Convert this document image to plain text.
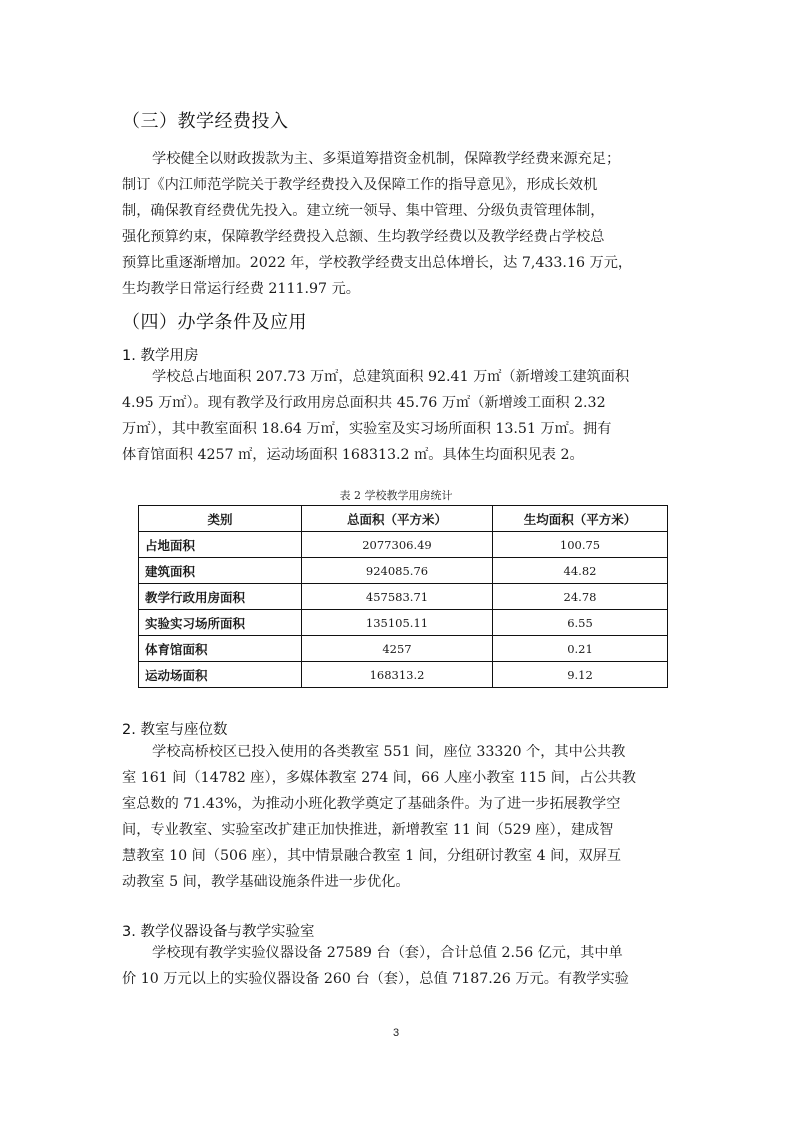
（三）教学经费投入
学校健全以财政拨款为主、多渠道筹措资金机制，保障教学经费来源充足；
制订《内江师范学院关于教学经费投入及保障工作的指导意见》，形成长效机
制，确保教育经费优先投入。建立统一领导、集中管理、分级负责管理体制，
强化预算约束，保障教学经费投入总额、生均教学经费以及教学经费占学校总
预算比重逐渐增加。2022 年，学校教学经费支出总体增长，达 7,433.16 万元，
生均教学日常运行经费 2111.97 元。
（四）办学条件及应用
1. 教学用房
学校总占地面积 207.73 万㎡，总建筑面积 92.41 万㎡（新增竣工建筑面积
4.95 万㎡）。现有教学及行政用房总面积共 45.76 万㎡（新增竣工面积 2.32
万㎡），其中教室面积 18.64 万㎡，实验室及实习场所面积 13.51 万㎡。拥有
体育馆面积 4257 ㎡，运动场面积 168313.2 ㎡。具体生均面积见表 2。
表 2 学校教学用房统计
类别	总面积（平方米）	生均面积（平方米）
占地面积	2077306.49	100.75
建筑面积	924085.76	44.82
教学行政用房面积	457583.71	24.78
实验实习场所面积	135105.11	6.55
体育馆面积	4257	0.21
运动场面积	168313.2	9.12
2. 教室与座位数
学校高桥校区已投入使用的各类教室 551 间，座位 33320 个，其中公共教
室 161 间（14782 座），多媒体教室 274 间，66 人座小教室 115 间，占公共教
室总数的 71.43%，为推动小班化教学奠定了基础条件。为了进一步拓展教学空
间，专业教室、实验室改扩建正加快推进，新增教室 11 间（529 座），建成智
慧教室 10 间（506 座），其中情景融合教室 1 间，分组研讨教室 4 间，双屏互
动教室 5 间，教学基础设施条件进一步优化。
3. 教学仪器设备与教学实验室
学校现有教学实验仪器设备 27589 台（套），合计总值 2.56 亿元，其中单
价 10 万元以上的实验仪器设备 260 台（套），总值 7187.26 万元。有教学实验
3
